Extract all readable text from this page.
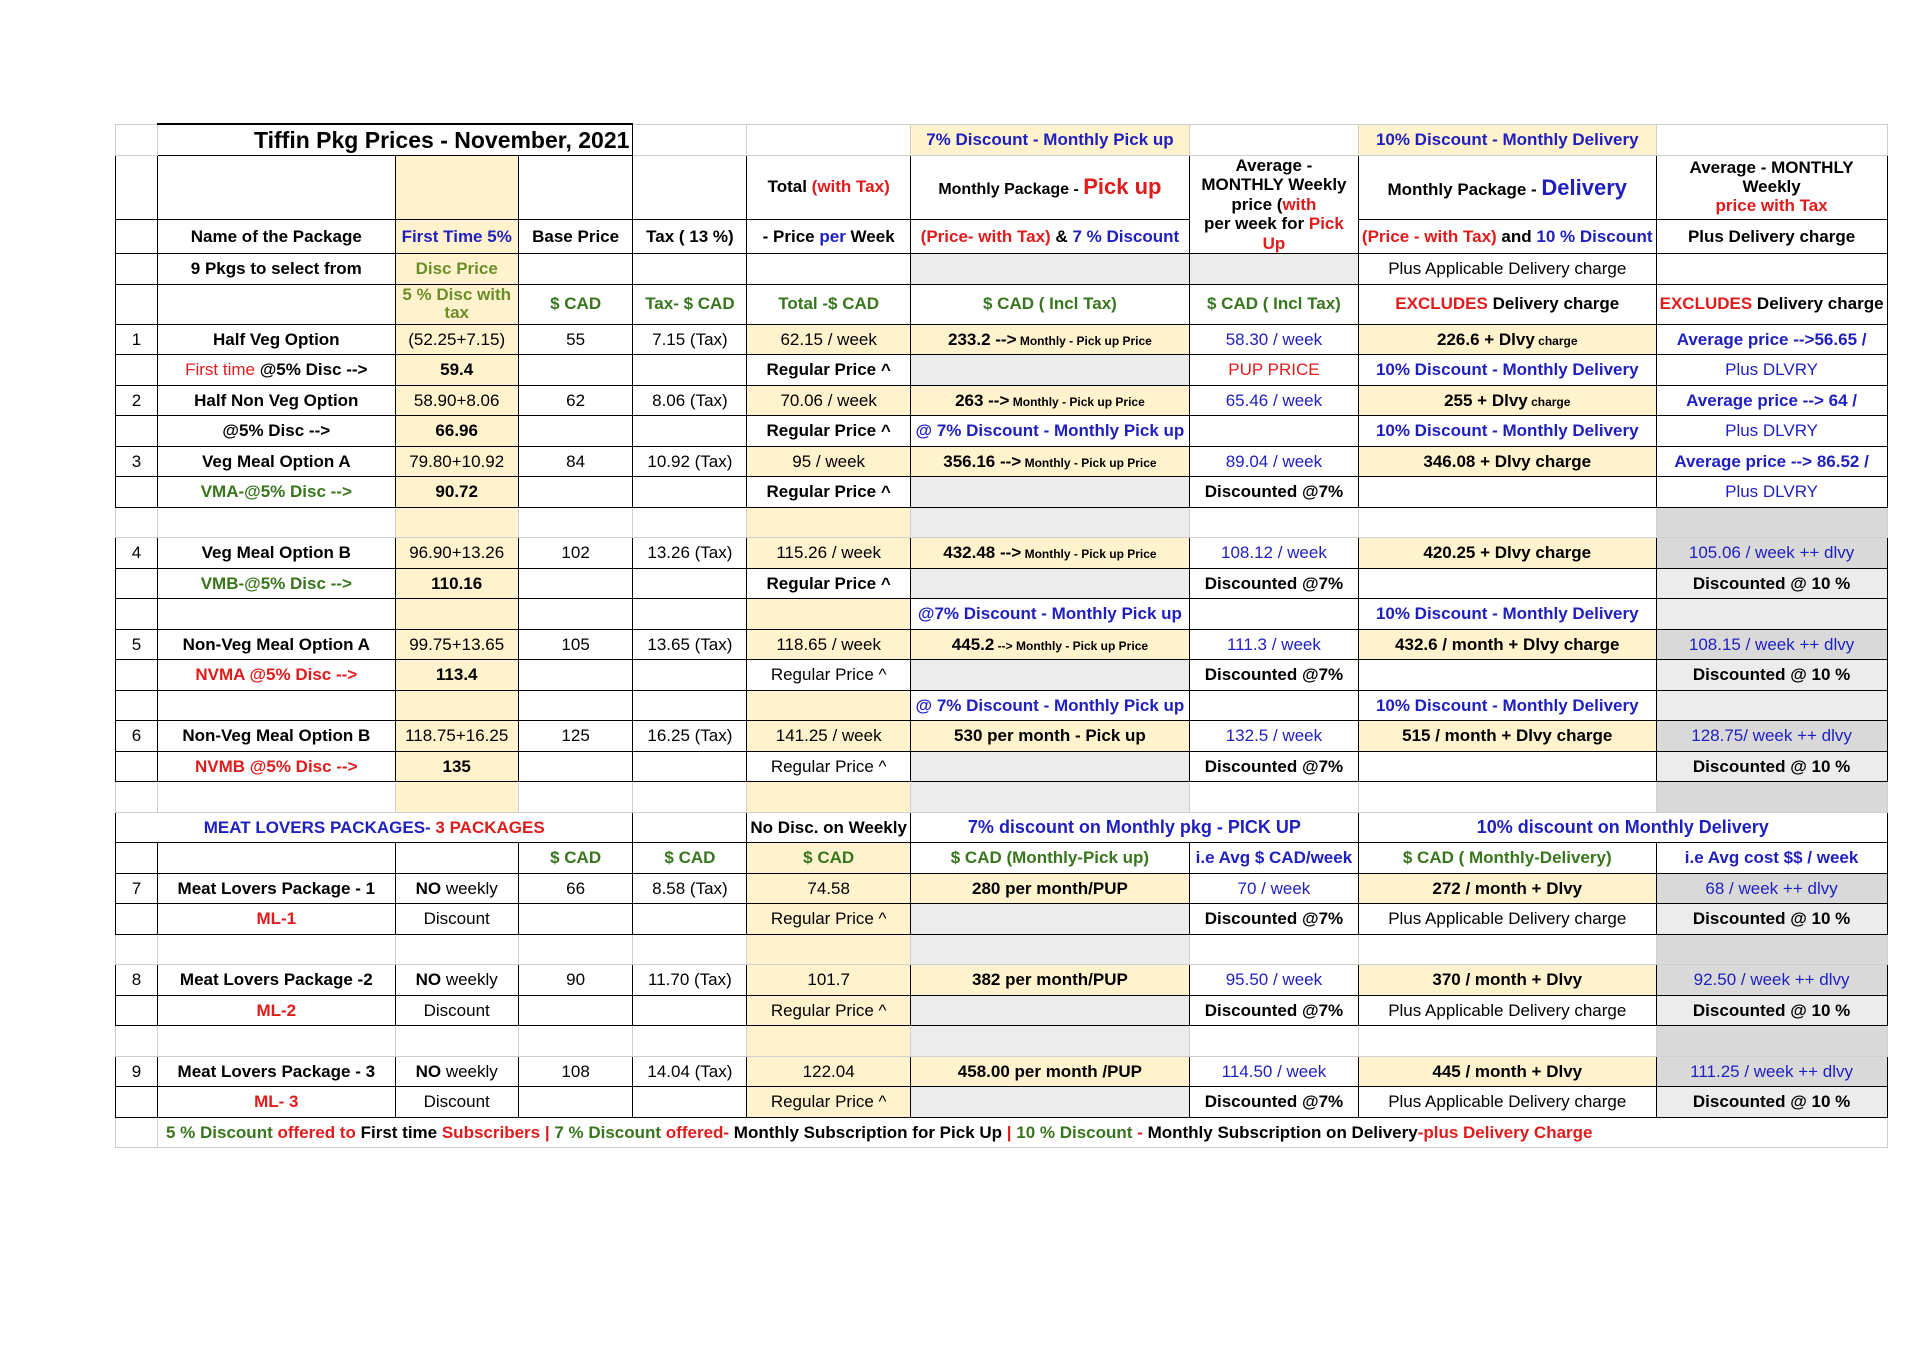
	Tiffin Pkg Prices - November, 2021					7% Discount - Monthly Pick up		10% Discount - Monthly Delivery	
					Total (with Tax)	Monthly Package - Pick up	Average - MONTHLY Weekly price (with
per week for Pick Up	Monthly Package - Delivery	Average - MONTHLY Weekly
price with Tax
	Name of the Package	First Time 5%	Base Price	Tax ( 13 %)	- Price per Week	(Price- with Tax) & 7 % Discount		(Price - with Tax) and 10 % Discount	Plus Delivery charge
	9 Pkgs to select from	Disc Price						Plus Applicable Delivery charge	
		5 % Disc with tax	$ CAD	Tax- $ CAD	Total -$ CAD	$ CAD ( Incl Tax)	$ CAD ( Incl Tax)	EXCLUDES Delivery charge	EXCLUDES Delivery charge
1	Half Veg Option	(52.25+7.15)	55	7.15 (Tax)	62.15 / week	233.2 --> Monthly - Pick up Price	58.30 / week	226.6 + Dlvy charge	Average price -->56.65 /
	First time @5% Disc -->	59.4			Regular Price ^		PUP PRICE	10% Discount - Monthly Delivery	Plus DLVRY
2	Half Non Veg Option	58.90+8.06	62	8.06 (Tax)	70.06 / week	263 --> Monthly - Pick up Price	65.46 / week	255 + Dlvy charge	Average price --> 64 /
	@5% Disc -->	66.96			Regular Price ^	@ 7% Discount - Monthly Pick up		10% Discount - Monthly Delivery	Plus DLVRY
3	Veg Meal Option A	79.80+10.92	84	10.92 (Tax)	95 / week	356.16 --> Monthly - Pick up Price	89.04 / week	346.08 + Dlvy charge	Average price --> 86.52 /
	VMA-@5% Disc -->	90.72			Regular Price ^		Discounted @7%		Plus DLVRY

4	Veg Meal Option B	96.90+13.26	102	13.26 (Tax)	115.26 / week	432.48 --> Monthly - Pick up Price	108.12 / week	420.25 + Dlvy charge	105.06 / week ++ dlvy
	VMB-@5% Disc -->	110.16			Regular Price ^		Discounted @7%		Discounted @ 10 %
						@7% Discount - Monthly Pick up		10% Discount - Monthly Delivery	
5	Non-Veg Meal Option A	99.75+13.65	105	13.65 (Tax)	118.65 / week	445.2 --> Monthly - Pick up Price	111.3 / week	432.6 / month + Dlvy charge	108.15 / week ++ dlvy
	NVMA @5% Disc -->	113.4			Regular Price ^		Discounted @7%		Discounted @ 10 %
						@ 7% Discount - Monthly Pick up		10% Discount - Monthly Delivery	
6	Non-Veg Meal Option B	118.75+16.25	125	16.25 (Tax)	141.25 / week	530 per month - Pick up	132.5 / week	515 / month + Dlvy charge	128.75/ week ++ dlvy
	NVMB @5% Disc -->	135			Regular Price ^		Discounted @7%		Discounted @ 10 %

MEAT LOVERS PACKAGES- 3 PACKAGES					No Disc. on Weekly	7% discount on Monthly pkg - PICK UP		10% discount on Monthly Delivery	
			$ CAD	$ CAD	$ CAD	$ CAD (Monthly-Pick up)	i.e Avg $ CAD/week	$ CAD ( Monthly-Delivery)	i.e Avg cost $$ / week
7	Meat Lovers Package - 1	NO weekly	66	8.58 (Tax)	74.58	280 per month/PUP	70 / week	272 / month + Dlvy	68 / week ++ dlvy
	ML-1	Discount			Regular Price ^		Discounted @7%	Plus Applicable Delivery charge	Discounted @ 10 %

8	Meat Lovers Package -2	NO weekly	90	11.70 (Tax)	101.7	382 per month/PUP	95.50 / week	370 / month + Dlvy	92.50 / week ++ dlvy
	ML-2	Discount			Regular Price ^		Discounted @7%	Plus Applicable Delivery charge	Discounted @ 10 %

9	Meat Lovers Package - 3	NO weekly	108	14.04 (Tax)	122.04	458.00 per month /PUP	114.50 / week	445 / month + Dlvy	111.25 / week ++ dlvy
	ML- 3	Discount			Regular Price ^		Discounted @7%	Plus Applicable Delivery charge	Discounted @ 10 %
	5 % Discount offered to First time Subscribers | 7 % Discount offered- Monthly Subscription for Pick Up | 10 % Discount - Monthly Subscription on Delivery-plus Delivery Charge								
